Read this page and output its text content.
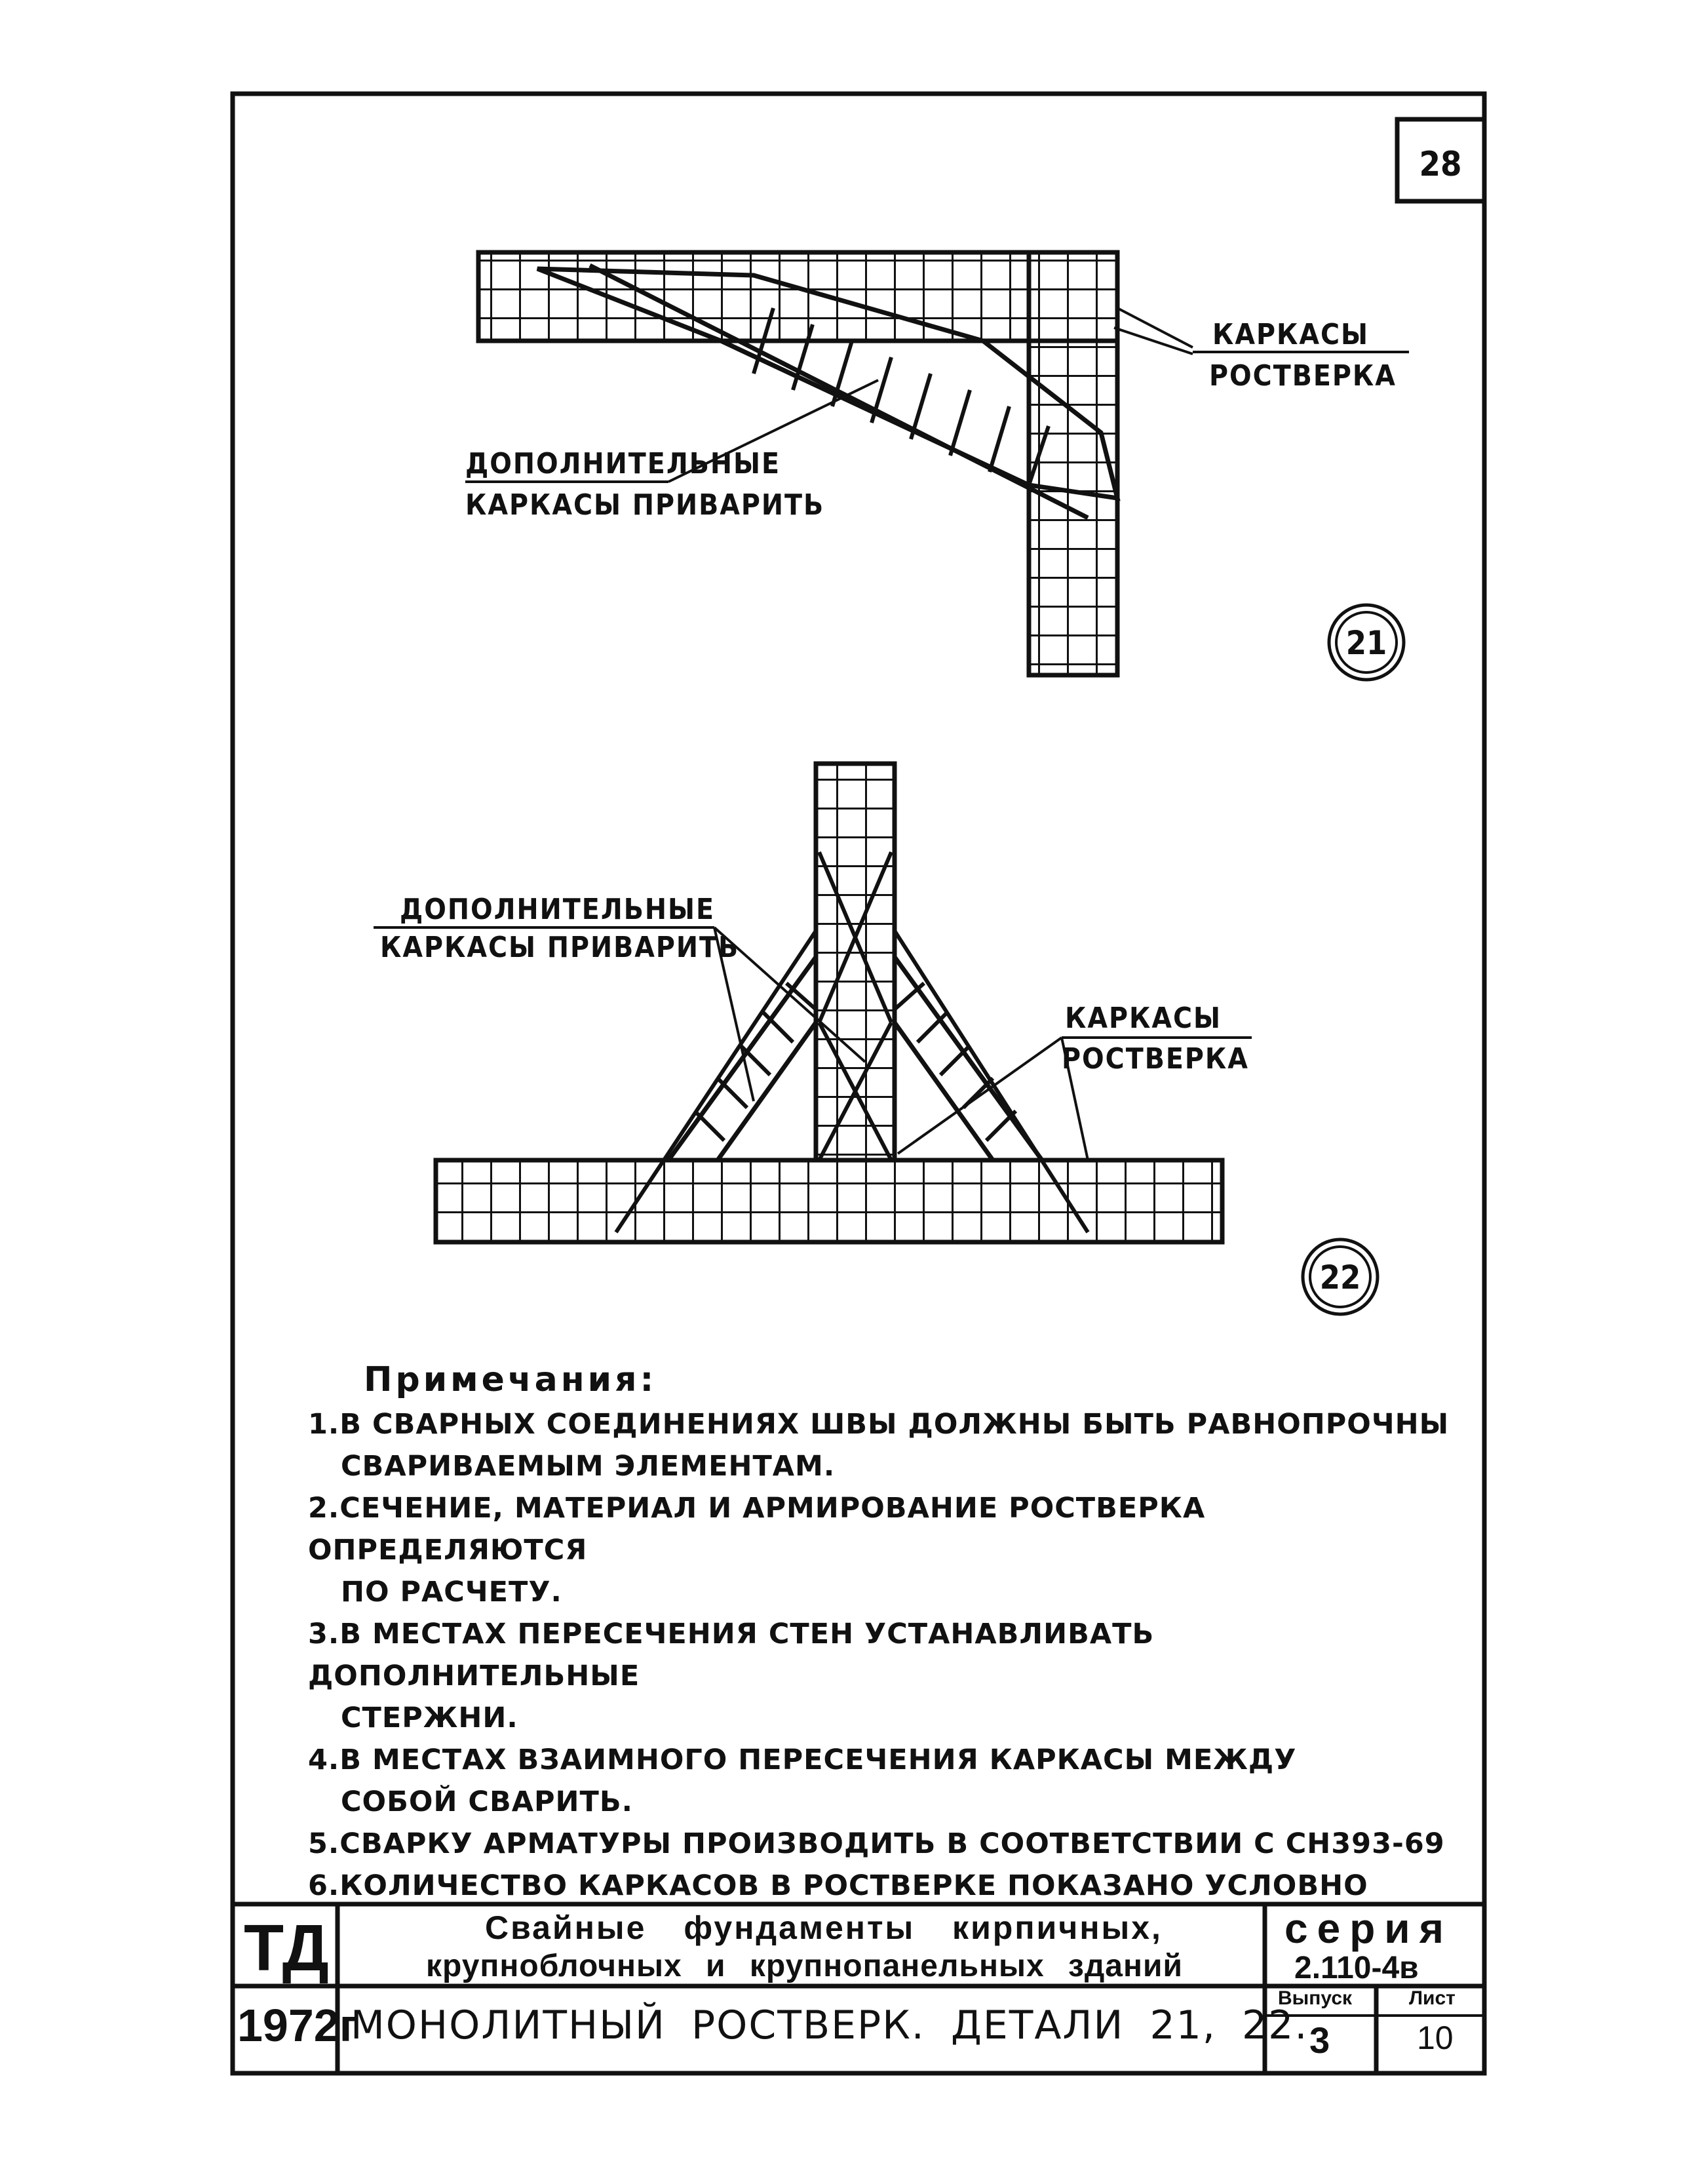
28
КАРКАСЫ
РОСТВЕРКА
ДОПОЛНИТЕЛЬНЫЕ
КАРКАСЫ ПРИВАРИТЬ
21
ДОПОЛНИТЕЛЬНЫЕ
КАРКАСЫ ПРИВАРИТЬ
КАРКАСЫ
РОСТВЕРКА
22
ТД
1972г
Свайные фундаменты кирпичных,
крупноблочных и крупнопанельных зданий
МОНОЛИТНЫЙ РОСТВЕРК. ДЕТАЛИ 21, 22.
серия
2.110-4в
Выпуск
3
Лист
10
Примечания:
1.В СВАРНЫХ СОЕДИНЕНИЯХ ШВЫ ДОЛЖНЫ БЫТЬ РАВНОПРОЧНЫ
СВАРИВАЕМЫМ ЭЛЕМЕНТАМ.
2.СЕЧЕНИЕ, МАТЕРИАЛ И АРМИРОВАНИЕ РОСТВЕРКА ОПРЕДЕЛЯЮТСЯ
ПО РАСЧЕТУ.
3.В МЕСТАХ ПЕРЕСЕЧЕНИЯ СТЕН УСТАНАВЛИВАТЬ ДОПОЛНИТЕЛЬНЫЕ
СТЕРЖНИ.
4.В МЕСТАХ ВЗАИМНОГО ПЕРЕСЕЧЕНИЯ КАРКАСЫ МЕЖДУ
СОБОЙ СВАРИТЬ.
5.СВАРКУ АРМАТУРЫ ПРОИЗВОДИТЬ В СООТВЕТСТВИИ С СН393-69
6.КОЛИЧЕСТВО КАРКАСОВ В РОСТВЕРКЕ ПОКАЗАНО УСЛОВНО
